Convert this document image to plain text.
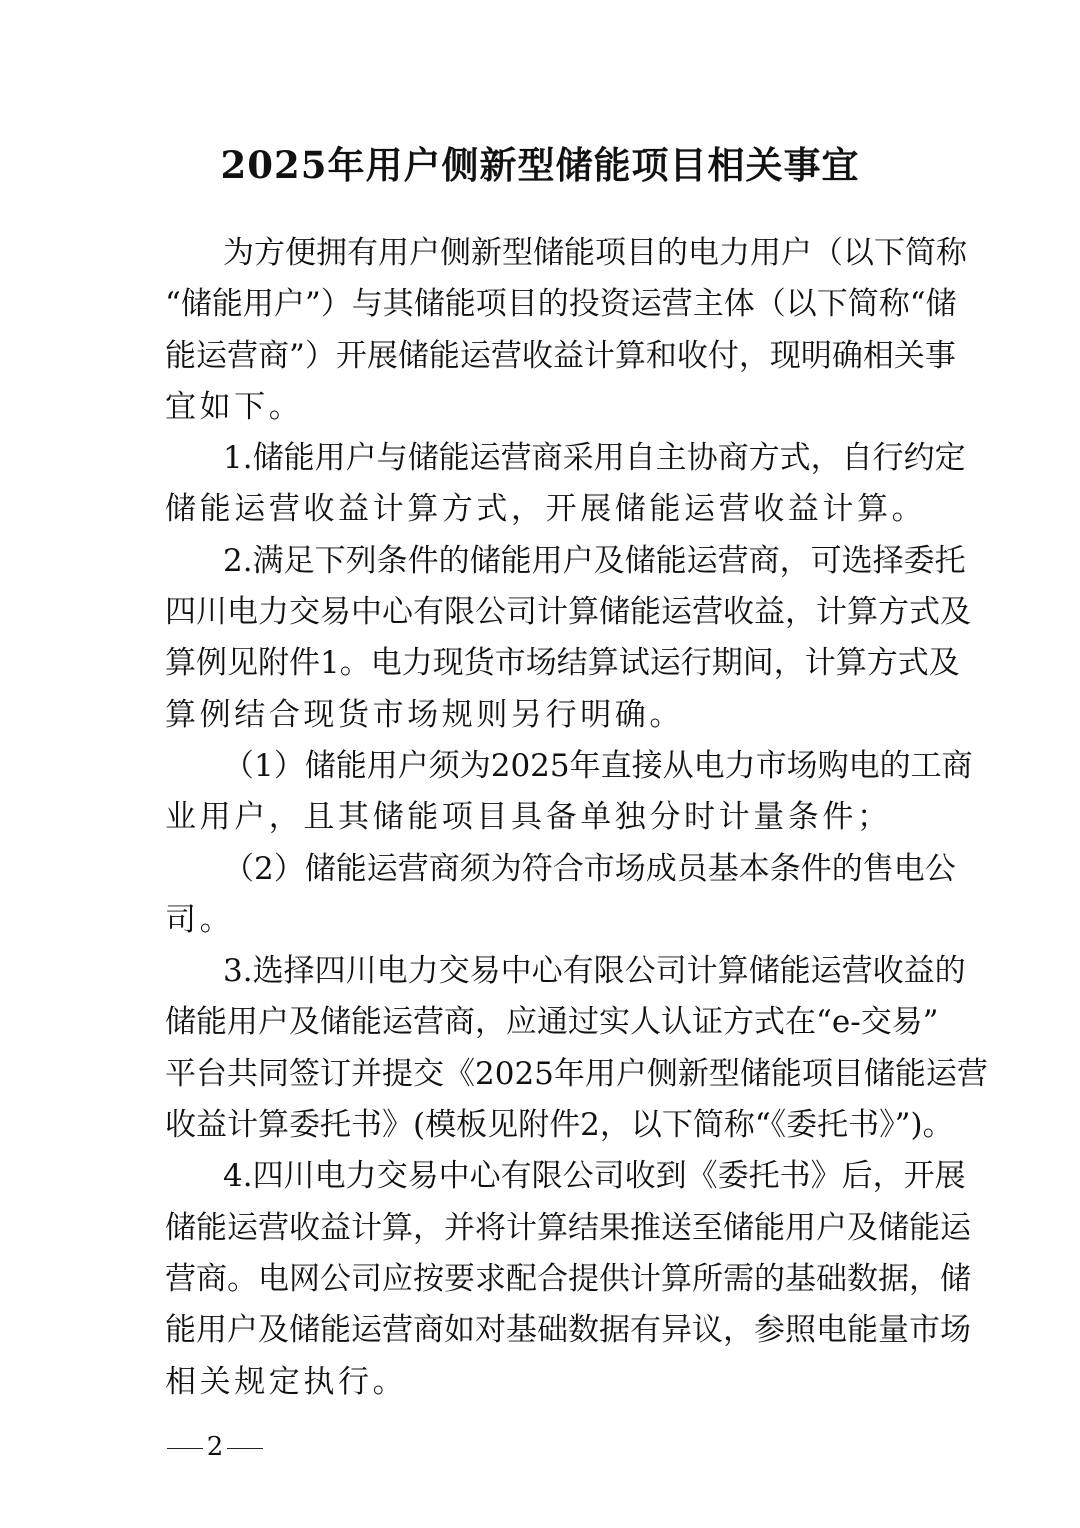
2025年用户侧新型储能项目相关事宜
为方便拥有用户侧新型储能项目的电力用户（以下简称
“储能用户”）与其储能项目的投资运营主体（以下简称“储
能运营商”）开展储能运营收益计算和收付，现明确相关事
宜如下。
1.储能用户与储能运营商采用自主协商方式，自行约定
储能运营收益计算方式，开展储能运营收益计算。
2.满足下列条件的储能用户及储能运营商，可选择委托
四川电力交易中心有限公司计算储能运营收益，计算方式及
算例见附件1。电力现货市场结算试运行期间，计算方式及
算例结合现货市场规则另行明确。
（1）储能用户须为2025年直接从电力市场购电的工商
业用户，且其储能项目具备单独分时计量条件；
（2）储能运营商须为符合市场成员基本条件的售电公
司。
3.选择四川电力交易中心有限公司计算储能运营收益的
储能用户及储能运营商，应通过实人认证方式在“e-交易”
平台共同签订并提交《2025年用户侧新型储能项目储能运营
收益计算委托书》(模板见附件2，以下简称“《委托书》”)。
4.四川电力交易中心有限公司收到《委托书》后，开展
储能运营收益计算，并将计算结果推送至储能用户及储能运
营商。电网公司应按要求配合提供计算所需的基础数据，储
能用户及储能运营商如对基础数据有异议，参照电能量市场
相关规定执行。
2
